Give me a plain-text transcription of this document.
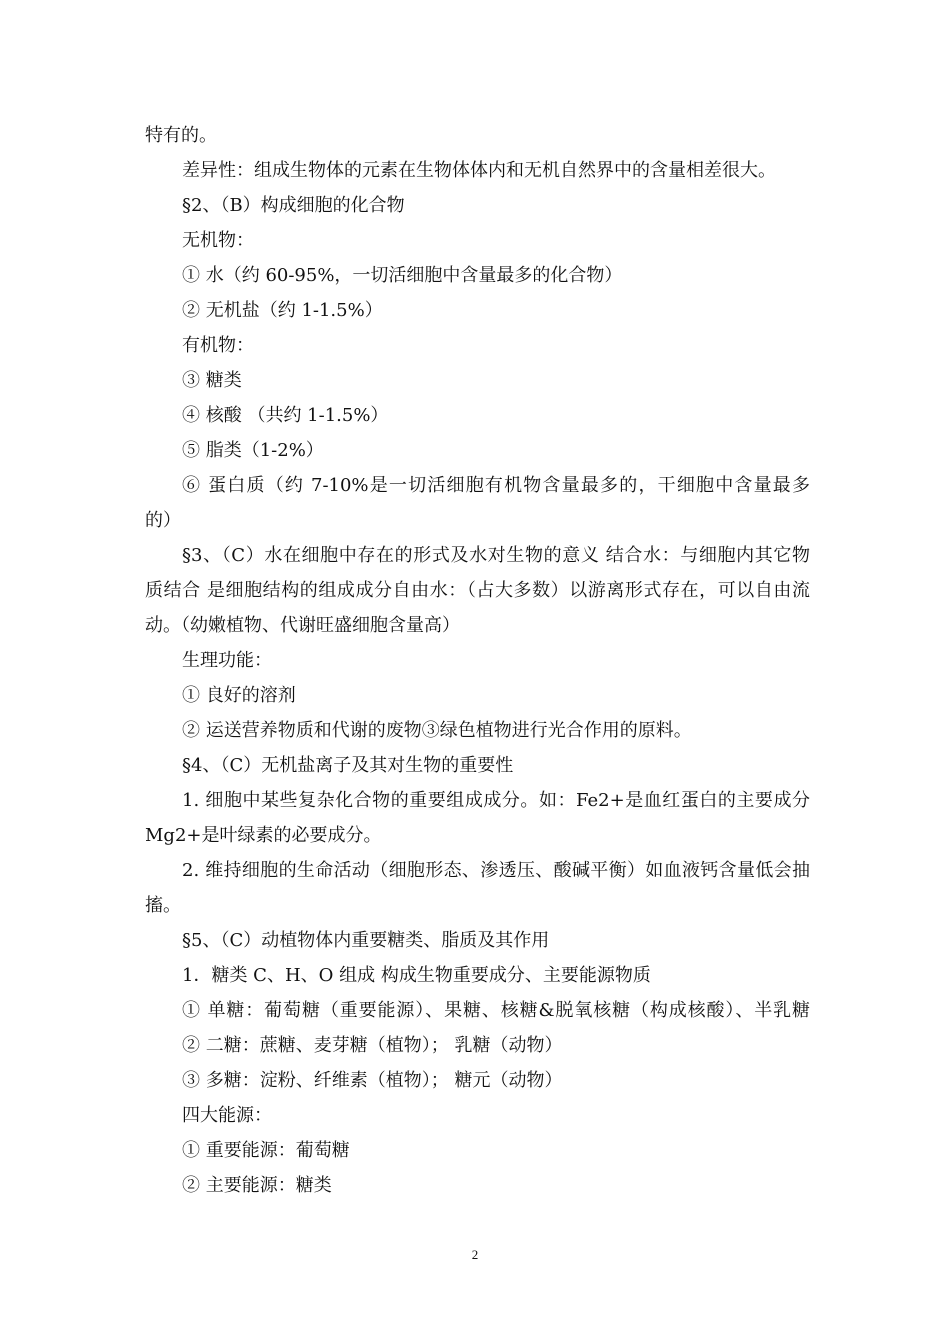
特有的。
差异性：组成生物体的元素在生物体体内和无机自然界中的含量相差很大。
§2、（B）构成细胞的化合物
无机物：
① 水（约 60-95%，一切活细胞中含量最多的化合物）
② 无机盐（约 1-1.5%）
有机物：
③ 糖类
④ 核酸 （共约 1-1.5%）
⑤ 脂类（1-2%）
⑥ 蛋白质（约 7-10%是一切活细胞有机物含量最多的，干细胞中含量最多
的）
§3、（C）水在细胞中存在的形式及水对生物的意义 结合水：与细胞内其它物
质结合 是细胞结构的组成成分自由水：（占大多数）以游离形式存在，可以自由流
动。（幼嫩植物、代谢旺盛细胞含量高）
生理功能：
① 良好的溶剂
② 运送营养物质和代谢的废物③绿色植物进行光合作用的原料。
§4、（C）无机盐离子及其对生物的重要性
1. 细胞中某些复杂化合物的重要组成成分。如：Fe2+是血红蛋白的主要成分
Mg2+是叶绿素的必要成分。
2. 维持细胞的生命活动（细胞形态、渗透压、酸碱平衡）如血液钙含量低会抽
搐。
§5、（C）动植物体内重要糖类、脂质及其作用
1．糖类 C、H、O 组成 构成生物重要成分、主要能源物质
① 单糖：葡萄糖（重要能源）、果糖、核糖&脱氧核糖（构成核酸）、半乳糖
② 二糖：蔗糖、麦芽糖（植物）； 乳糖（动物）
③ 多糖：淀粉、纤维素（植物）； 糖元（动物）
四大能源：
① 重要能源：葡萄糖
② 主要能源：糖类
2
